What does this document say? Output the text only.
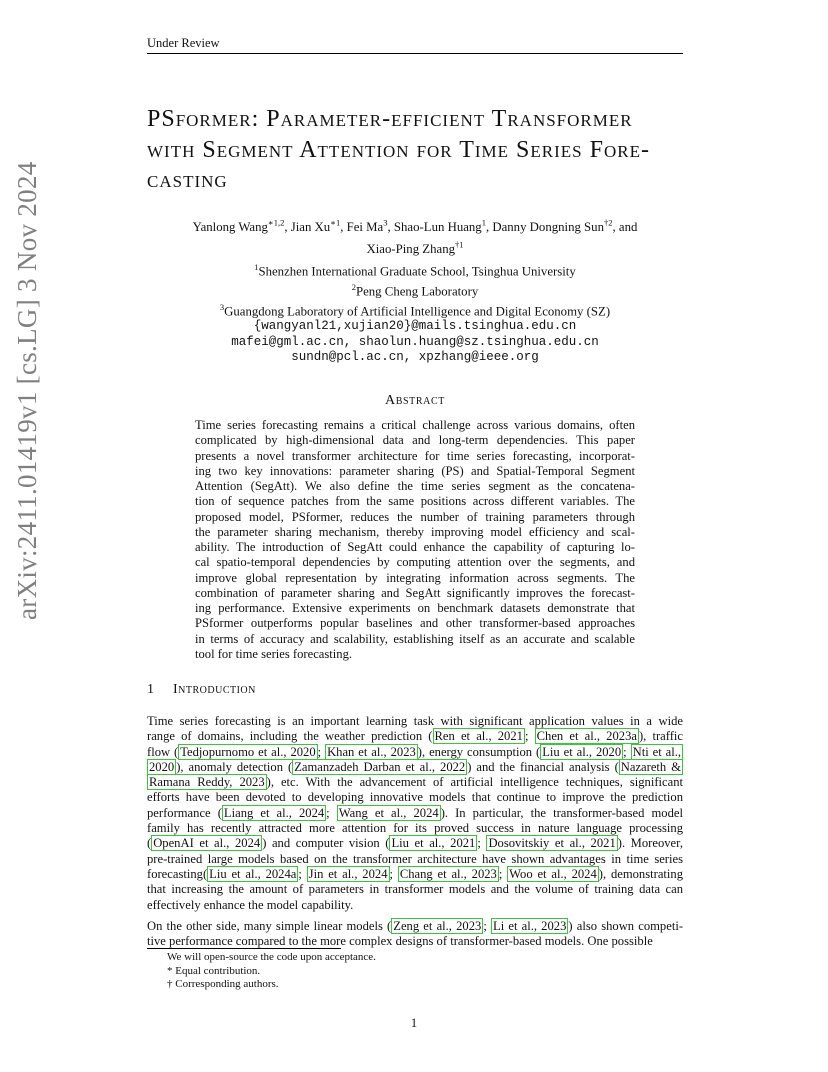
Under Review
arXiv:2411.01419v1 [cs.LG] 3 Nov 2024
PSformer: Parameter-efficient Transformer
with Segment Attention for Time Series Fore-
casting
Yanlong Wang$^{∗1,2}$, Jian $Xu^{∗1}$, Fei Ma$^3$, Shao-Lun Huang$^1$, Danny Dongning Sun$^{\dagger 2}$, and
Xiao-Ping Zhang$^{\dagger 1}$
$^1$Shenzhen International Graduate School, Tsinghua University
$^2$Peng Cheng Laboratory
$^3$Guangdong Laboratory of Artificial Intelligence and Digital Economy (SZ)
{wangyanl21,xujian20}@mails.tsinghua.edu.cn
mafei@gml.ac.cn, shaolun.huang@sz.tsinghua.edu.cn
sundn@pcl.ac.cn, xpzhang@ieee.org
Abstract
Time series forecasting remains a critical challenge across various domains, often
complicated by high-dimensional data and long-term dependencies. This paper
presents a novel transformer architecture for time series forecasting, incorporat-
ing two key innovations: parameter sharing (PS) and Spatial-Temporal Segment
Attention (SegAtt). We also define the time series segment as the concatena-
tion of sequence patches from the same positions across different variables. The
proposed model, PSformer, reduces the number of training parameters through
the parameter sharing mechanism, thereby improving model efficiency and scal-
ability. The introduction of SegAtt could enhance the capability of capturing lo-
cal spatio-temporal dependencies by computing attention over the segments, and
improve global representation by integrating information across segments. The
combination of parameter sharing and SegAtt significantly improves the forecast-
ing performance. Extensive experiments on benchmark datasets demonstrate that
PSformer outperforms popular baselines and other transformer-based approaches
in terms of accuracy and scalability, establishing itself as an accurate and scalable
tool for time series forecasting.
1 Introduction
Time series forecasting is an important learning task with significant application values in a wide
range of domains, including the weather prediction ( Ren et al., 2021 ; Chen et al., 2023a ), traffic
flow ( Tedjopurnomo et al., 2020 ; Khan et al., 2023 ), energy consumption ( Liu et al., 2020 ; Nti et al.,
2020 ), anomaly detection ( Zamanzadeh Darban et al., 2022 ) and the financial analysis ( Nazareth &
Ramana Reddy, 2023 ), etc. With the advancement of artificial intelligence techniques, significant
efforts have been devoted to developing innovative models that continue to improve the prediction
performance ( Liang et al., 2024 ; Wang et al., 2024 ). In particular, the transformer-based model
family has recently attracted more attention for its proved success in nature language processing
( OpenAI et al., 2024 ) and computer vision ( Liu et al., 2021 ; Dosovitskiy et al., 2021 ). Moreover,
pre-trained large models based on the transformer architecture have shown advantages in time series
forecasting( Liu et al., 2024a ; Jin et al., 2024 ; Chang et al., 2023 ; Woo et al., 2024 ), demonstrating
that increasing the amount of parameters in transformer models and the volume of training data can
effectively enhance the model capability.
On the other side, many simple linear models ( Zeng et al., 2023 ; Li et al., 2023 ) also shown competi-
tive performance compared to the more complex designs of transformer-based models. One possible
We will open-source the code upon acceptance.
* Equal contribution.
† Corresponding authors.
1
